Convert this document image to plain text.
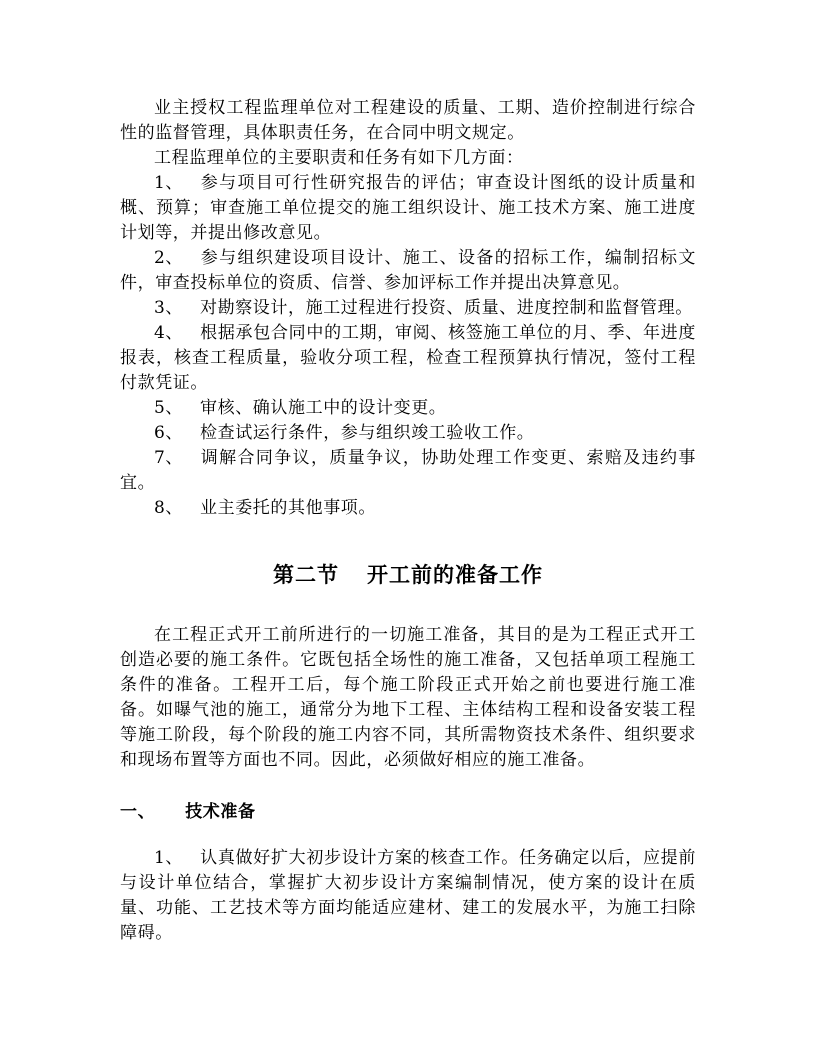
业主授权工程监理单位对工程建设的质量、工期、造价控制进行综合性的监督管理，具体职责任务，在合同中明文规定。

工程监理单位的主要职责和任务有如下几方面：

1、 参与项目可行性研究报告的评估；审查设计图纸的设计质量和概、预算；审查施工单位提交的施工组织设计、施工技术方案、施工进度计划等，并提出修改意见。

2、 参与组织建设项目设计、施工、设备的招标工作，编制招标文件，审查投标单位的资质、信誉、参加评标工作并提出决算意见。

3、 对勘察设计，施工过程进行投资、质量、进度控制和监督管理。

4、 根据承包合同中的工期，审阅、核签施工单位的月、季、年进度报表，核查工程质量，验收分项工程，检查工程预算执行情况，签付工程付款凭证。

5、 审核、确认施工中的设计变更。

6、 检查试运行条件，参与组织竣工验收工作。

7、 调解合同争议，质量争议，协助处理工作变更、索赔及违约事宜。

8、 业主委托的其他事项。

第二节 开工前的准备工作

在工程正式开工前所进行的一切施工准备，其目的是为工程正式开工创造必要的施工条件。它既包括全场性的施工准备，又包括单项工程施工条件的准备。工程开工后，每个施工阶段正式开始之前也要进行施工准备。如曝气池的施工，通常分为地下工程、主体结构工程和设备安装工程等施工阶段，每个阶段的施工内容不同，其所需物资技术条件、组织要求和现场布置等方面也不同。因此，必须做好相应的施工准备。

一、 技术准备

1、 认真做好扩大初步设计方案的核查工作。任务确定以后，应提前与设计单位结合，掌握扩大初步设计方案编制情况，使方案的设计在质量、功能、工艺技术等方面均能适应建材、建工的发展水平，为施工扫除障碍。
